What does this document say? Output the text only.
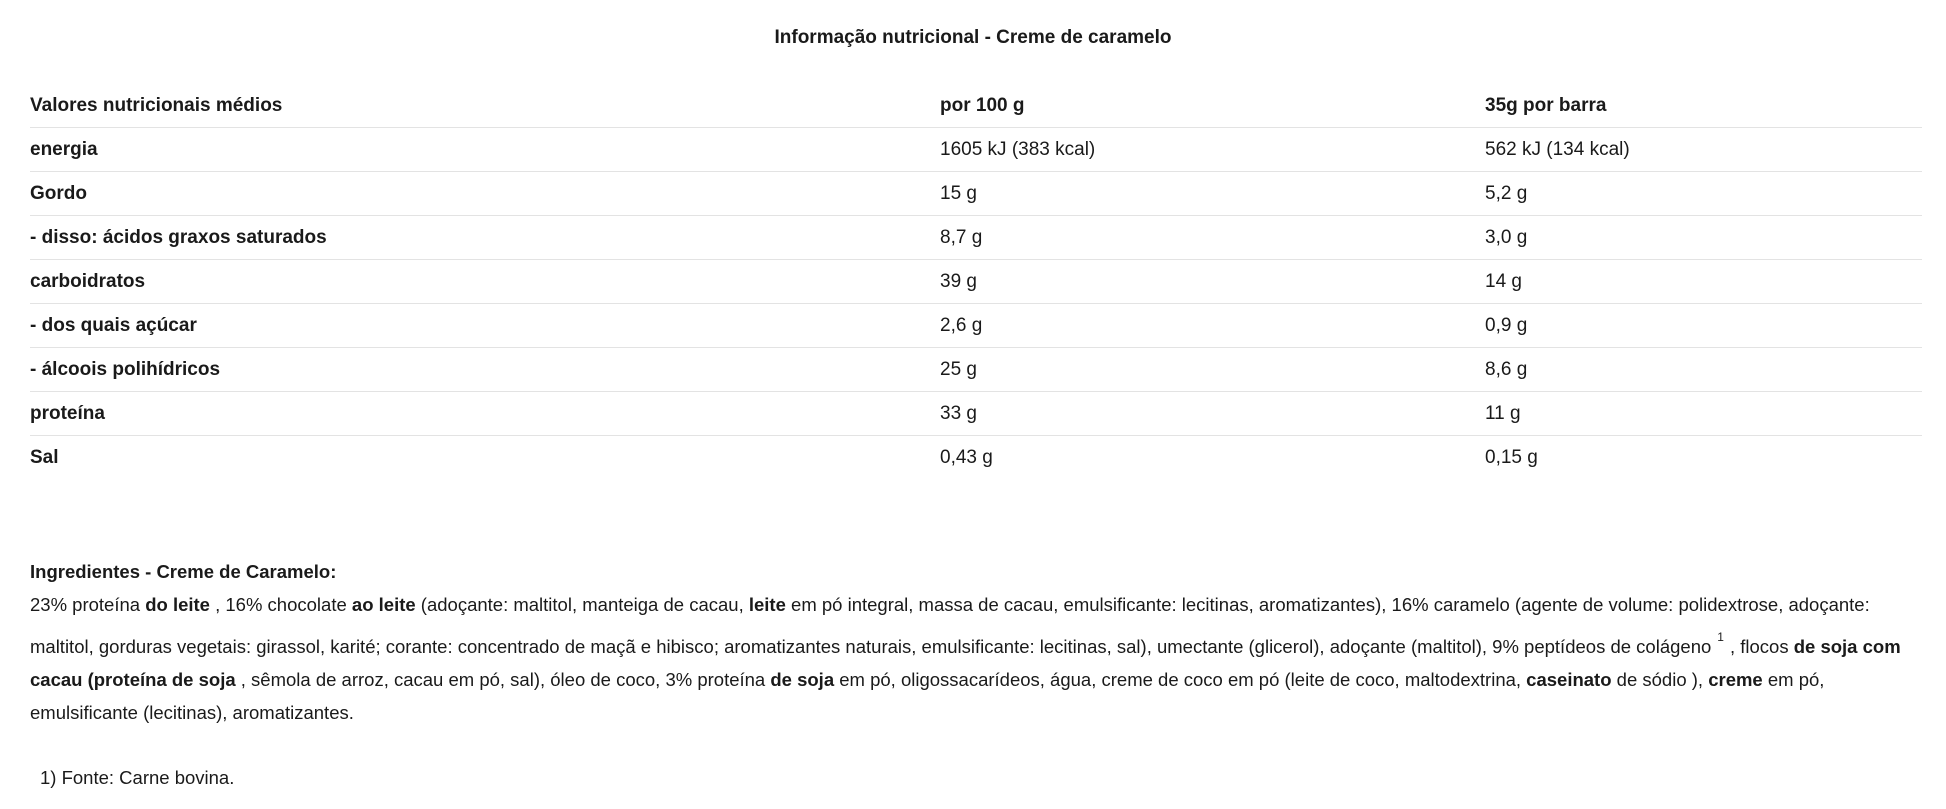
Informação nutricional - Creme de caramelo
Valores nutricionais médios	por 100 g	35g por barra
energia	1605 kJ (383 kcal)	562 kJ (134 kcal)
Gordo	15 g	5,2 g
- disso: ácidos graxos saturados	8,7 g	3,0 g
carboidratos	39 g	14 g
- dos quais açúcar	2,6 g	0,9 g
- álcoois polihídricos	25 g	8,6 g
proteína	33 g	11 g
Sal	0,43 g	0,15 g
Ingredientes - Creme de Caramelo:
23% proteína do leite , 16% chocolate ao leite (adoçante: maltitol, manteiga de cacau, leite em pó integral, massa de cacau, emulsificante: lecitinas, aromatizantes), 16% caramelo (agente de volume: polidextrose, adoçante: maltitol, gorduras vegetais: girassol, karité; corante: concentrado de maçã e hibisco; aromatizantes naturais, emulsificante: lecitinas, sal), umectante (glicerol), adoçante (maltitol), 9% peptídeos de colágeno $^1$ , flocos de soja com cacau (proteína de soja , sêmola de arroz, cacau em pó, sal), óleo de coco, 3% proteína de soja em pó, oligossacarídeos, água, creme de coco em pó (leite de coco, maltodextrina, caseinato de sódio ), creme em pó, emulsificante (lecitinas), aromatizantes.
1) Fonte: Carne bovina.
